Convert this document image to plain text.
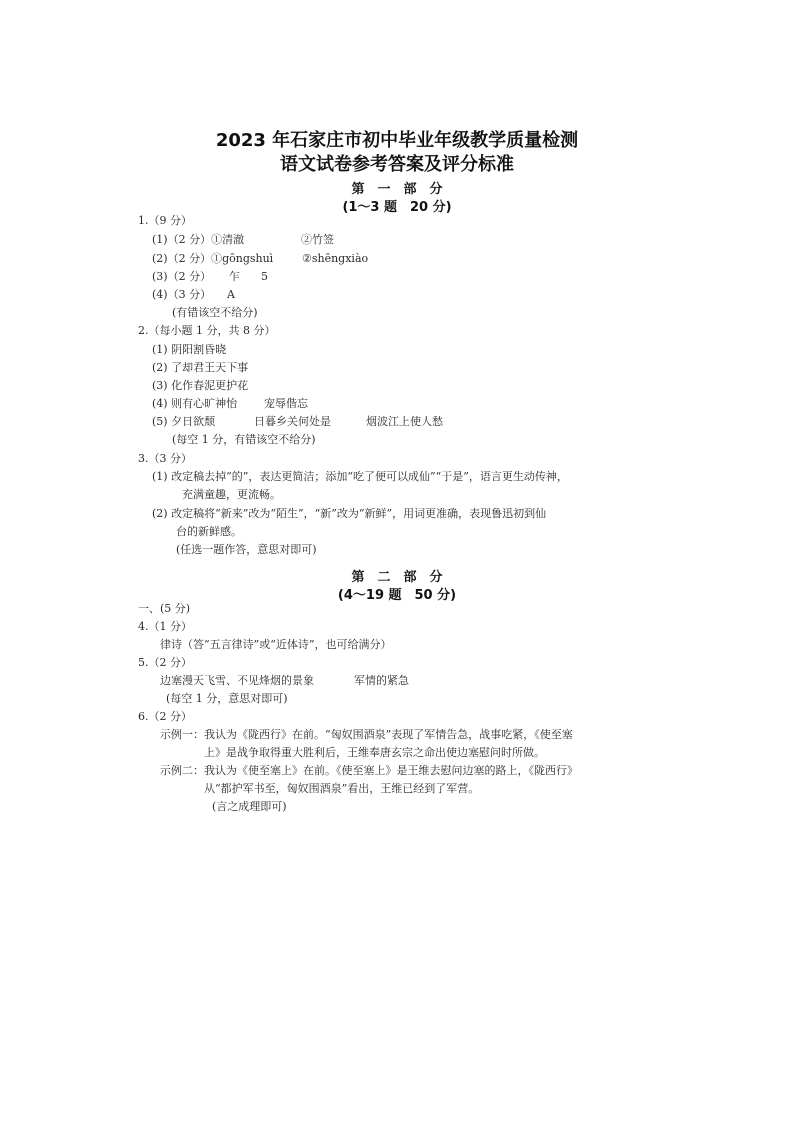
2023 年石家庄市初中毕业年级教学质量检测
语文试卷参考答案及评分标准
第　一　部　分
(1～3 题　20 分)
1.（9 分）
(1)（2 分）①清澈	②竹签
(2)（2 分）①gōngshuì	②shēngxiào
(3)（2 分） 乍 5
(4)（3 分） A
(有错该空不给分)
2.（每小题 1 分，共 8 分）
(1) 阴阳割昏晓
(2) 了却君王天下事
(3) 化作春泥更护花
(4) 则有心旷神怡 宠辱偕忘
(5) 夕日欲颓	日暮乡关何处是	烟波江上使人愁
(每空 1 分，有错该空不给分)
3.（3 分）
(1) 改定稿去掉“的”，表达更简洁；添加“吃了便可以成仙”“于是”，语言更生动传神，
充满童趣，更流畅。
(2) 改定稿将“新来”改为“陌生”，“新”改为“新鲜”，用词更准确，表现鲁迅初到仙
台的新鲜感。
(任选一题作答，意思对即可)
第　二　部　分
(4～19 题　50 分)
一、(5 分)
4.（1 分）
律诗（答“五言律诗”或“近体诗”，也可给满分）
5.（2 分）
边塞漫天飞雪、不见烽烟的景象	军情的紧急
(每空 1 分，意思对即可)
6.（2 分）
示例一：我认为《陇西行》在前。“匈奴围酒泉”表现了军情告急，战事吃紧，《使至塞
上》是战争取得重大胜利后，王维奉唐玄宗之命出使边塞慰问时所做。
示例二：我认为《使至塞上》在前。《使至塞上》是王维去慰问边塞的路上，《陇西行》
从“都护军书至，匈奴围酒泉”看出，王维已经到了军营。
(言之成理即可)
